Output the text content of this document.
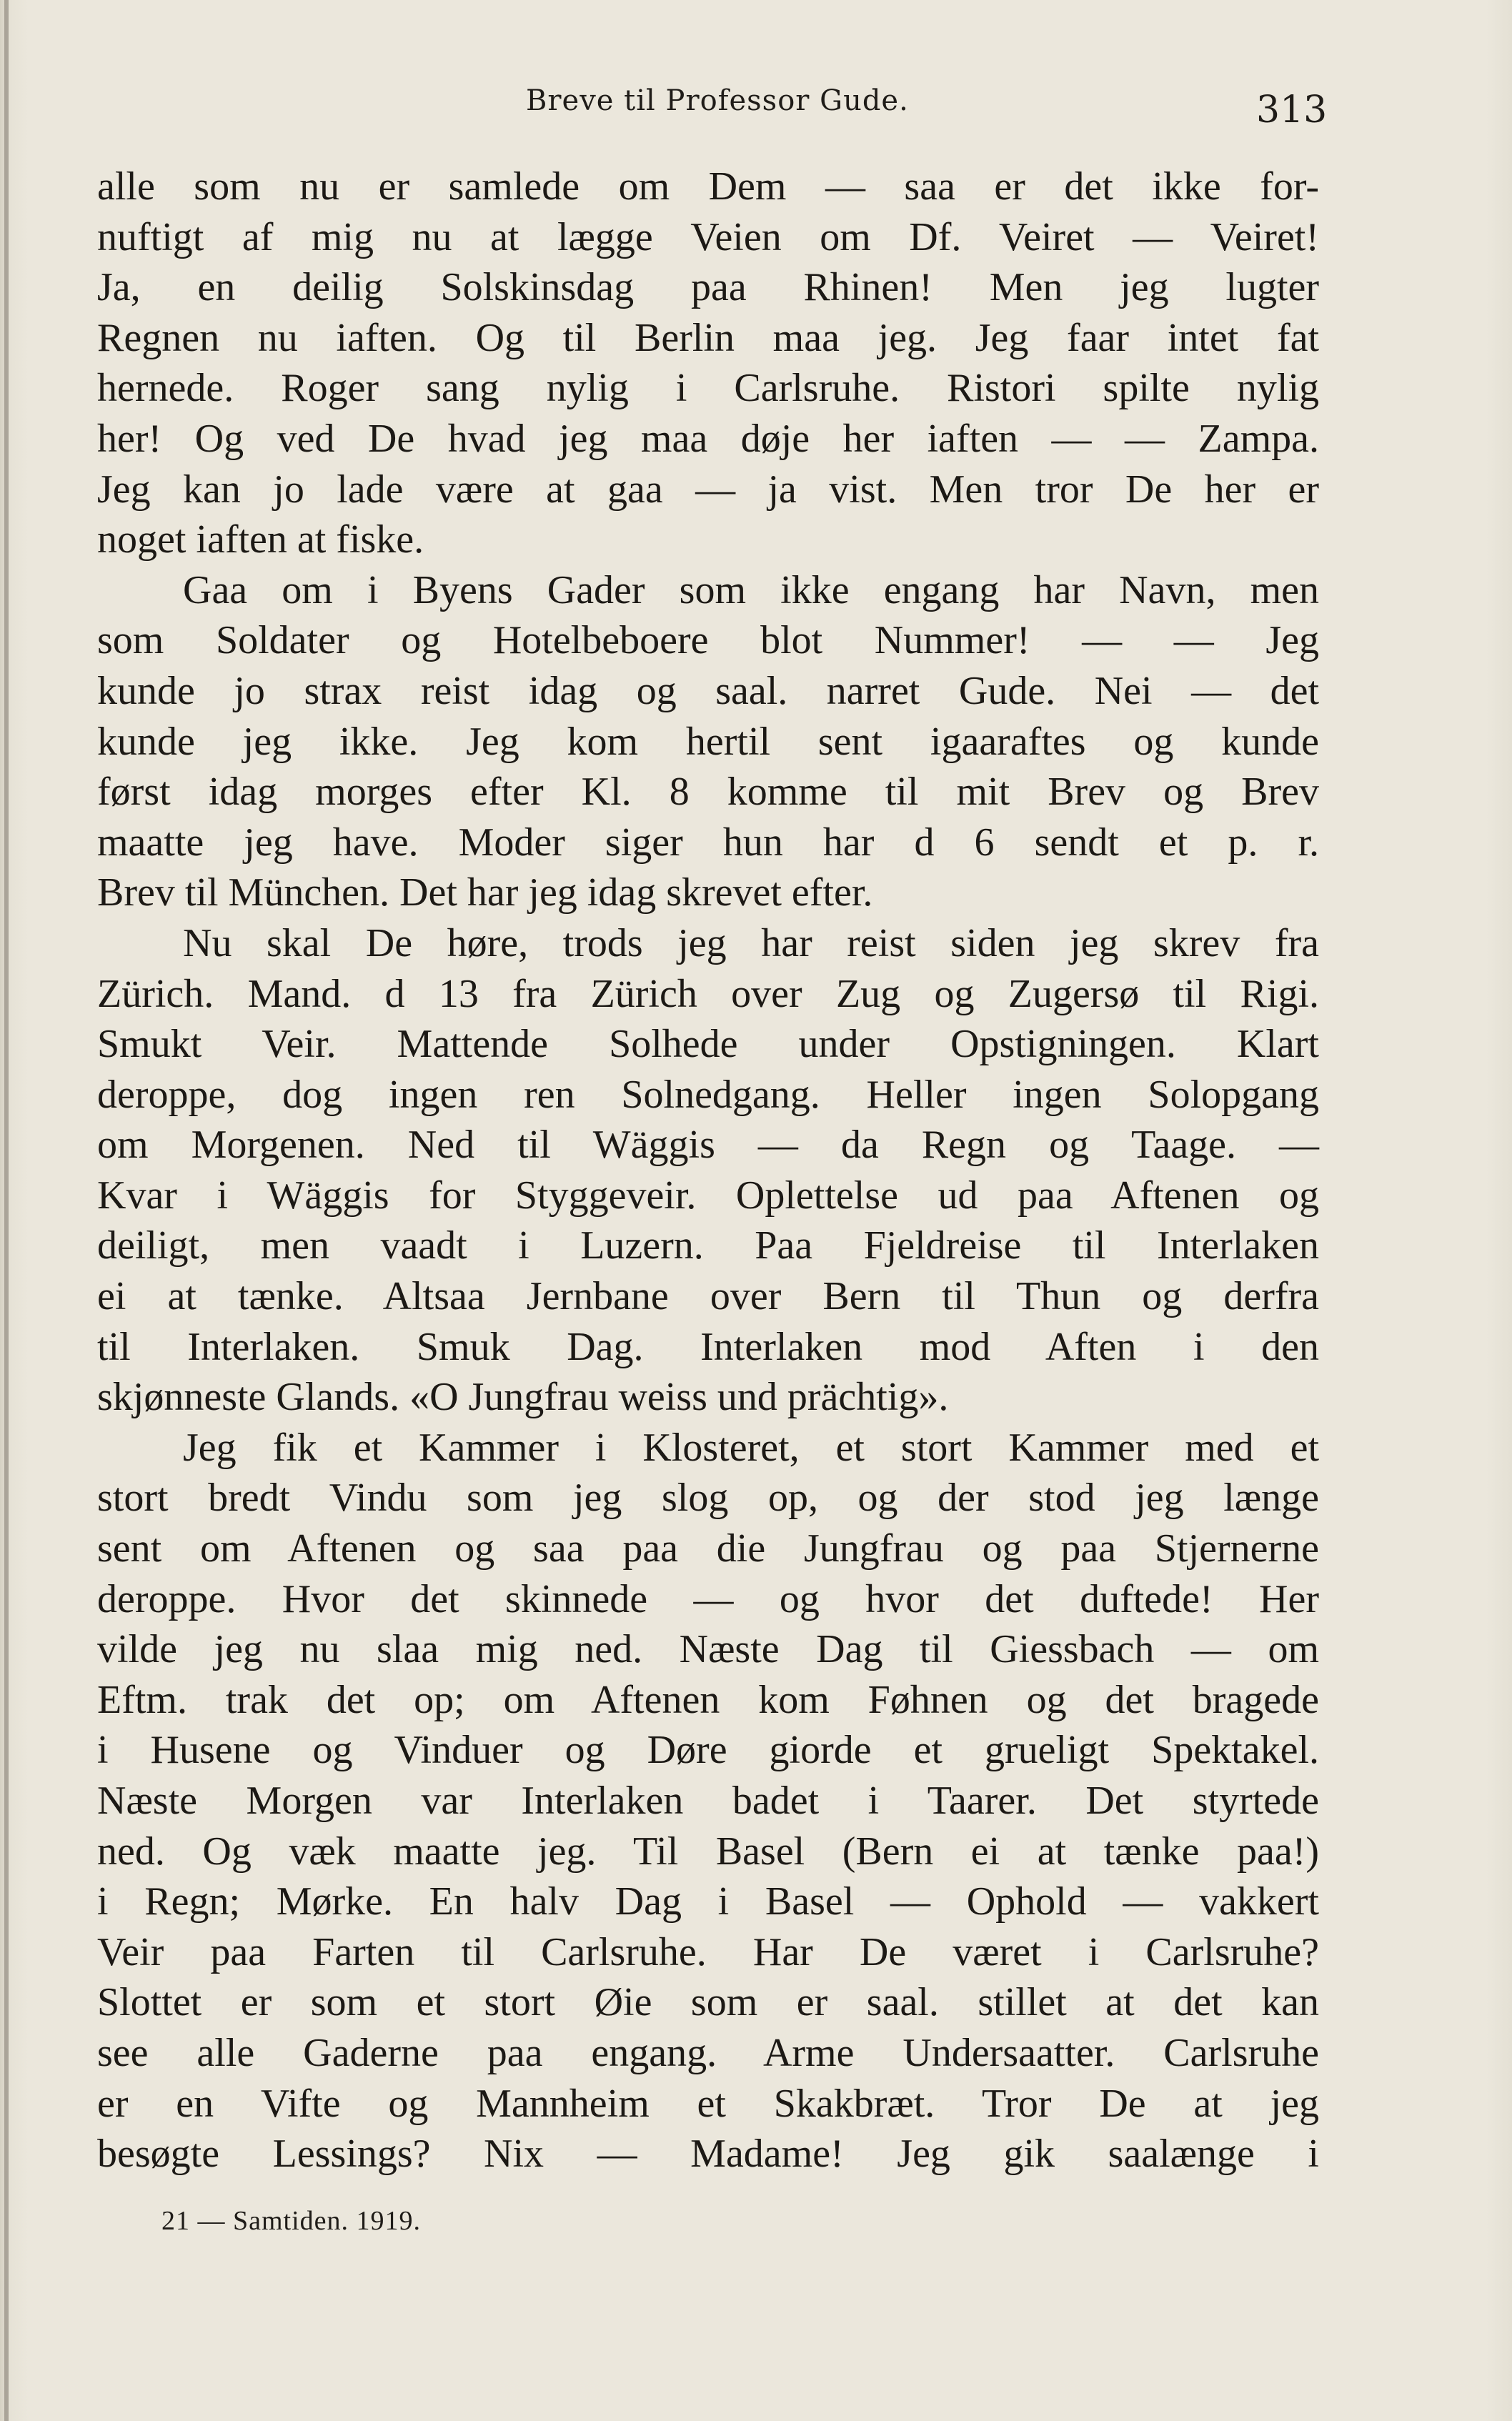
Breve til Professor Gude.	313
alle som nu er samlede om Dem — saa er det ikke for-
nuftigt af mig nu at lægge Veien om Df. Veiret — Veiret!
Ja, en deilig Solskinsdag paa Rhinen! Men jeg lugter
Regnen nu iaften. Og til Berlin maa jeg. Jeg faar intet fat
hernede. Roger sang nylig i Carlsruhe. Ristori spilte nylig
her! Og ved De hvad jeg maa døje her iaften — — Zampa.
Jeg kan jo lade være at gaa — ja vist. Men tror De her er
noget iaften at fiske.
Gaa om i Byens Gader som ikke engang har Navn, men
som Soldater og Hotelbeboere blot Nummer! — — Jeg
kunde jo strax reist idag og saal. narret Gude. Nei — det
kunde jeg ikke. Jeg kom hertil sent igaaraftes og kunde
først idag morges efter Kl. 8 komme til mit Brev og Brev
maatte jeg have. Moder siger hun har d 6 sendt et p. r.
Brev til München. Det har jeg idag skrevet efter.
Nu skal De høre, trods jeg har reist siden jeg skrev fra
Zürich. Mand. d 13 fra Zürich over Zug og Zugersø til Rigi.
Smukt Veir. Mattende Solhede under Opstigningen. Klart
deroppe, dog ingen ren Solnedgang. Heller ingen Solopgang
om Morgenen. Ned til Wäggis — da Regn og Taage. —
Kvar i Wäggis for Styggeveir. Oplettelse ud paa Aftenen og
deiligt, men vaadt i Luzern. Paa Fjeldreise til Interlaken
ei at tænke. Altsaa Jernbane over Bern til Thun og derfra
til Interlaken. Smuk Dag. Interlaken mod Aften i den
skjønneste Glands. «O Jungfrau weiss und prächtig».
Jeg fik et Kammer i Klosteret, et stort Kammer med et
stort bredt Vindu som jeg slog op, og der stod jeg længe
sent om Aftenen og saa paa die Jungfrau og paa Stjernerne
deroppe. Hvor det skinnede — og hvor det duftede! Her
vilde jeg nu slaa mig ned. Næste Dag til Giessbach — om
Eftm. trak det op; om Aftenen kom Føhnen og det bragede
i Husene og Vinduer og Døre giorde et grueligt Spektakel.
Næste Morgen var Interlaken badet i Taarer. Det styrtede
ned. Og væk maatte jeg. Til Basel (Bern ei at tænke paa!)
i Regn; Mørke. En halv Dag i Basel — Ophold — vakkert
Veir paa Farten til Carlsruhe. Har De været i Carlsruhe?
Slottet er som et stort Øie som er saal. stillet at det kan
see alle Gaderne paa engang. Arme Undersaatter. Carlsruhe
er en Vifte og Mannheim et Skakbræt. Tror De at jeg
besøgte Lessings? Nix — Madame! Jeg gik saalænge i
21 — Samtiden. 1919.
